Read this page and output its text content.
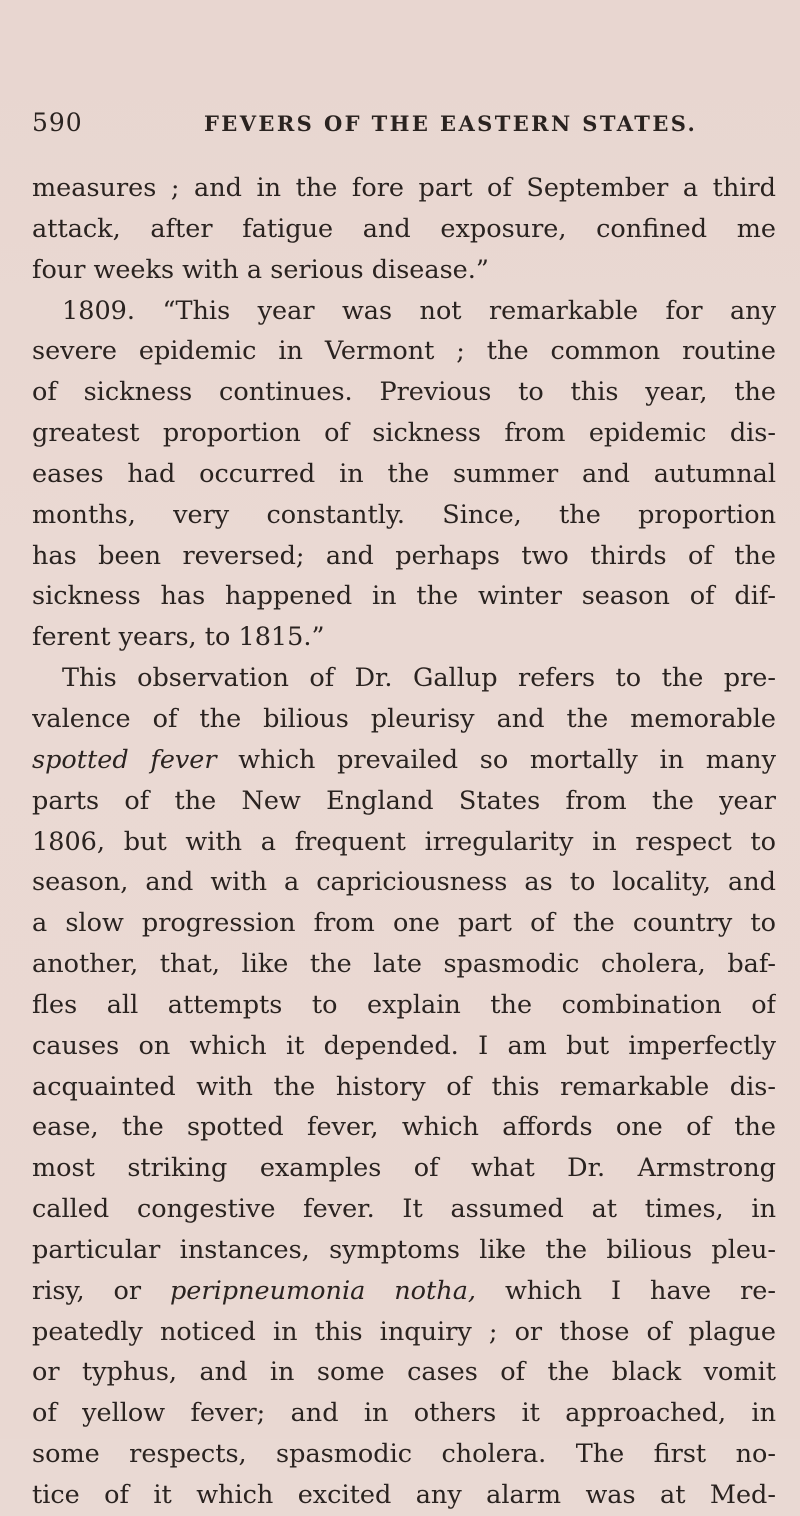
590	FEVERS OF THE EASTERN STATES.
measures ; and in the fore part of September a third
attack, after fatigue and exposure, confined me
four weeks with a serious disease.”
1809. “This year was not remarkable for any
severe epidemic in Vermont ; the common routine
of sickness continues. Previous to this year, the
greatest proportion of sickness from epidemic dis-
eases had occurred in the summer and autumnal
months, very constantly. Since, the proportion
has been reversed; and perhaps two thirds of the
sickness has happened in the winter season of dif-
ferent years, to 1815.”
This observation of Dr. Gallup refers to the pre-
valence of the bilious pleurisy and the memorable
spotted fever which prevailed so mortally in many
parts of the New England States from the year
1806, but with a frequent irregularity in respect to
season, and with a capriciousness as to locality, and
a slow progression from one part of the country to
another, that, like the late spasmodic cholera, baf-
fles all attempts to explain the combination of
causes on which it depended. I am but imperfectly
acquainted with the history of this remarkable dis-
ease, the spotted fever, which affords one of the
most striking examples of what Dr. Armstrong
called congestive fever. It assumed at times, in
particular instances, symptoms like the bilious pleu-
risy, or peripneumonia notha, which I have re-
peatedly noticed in this inquiry ; or those of plague
or typhus, and in some cases of the black vomit
of yellow fever; and in others it approached, in
some respects, spasmodic cholera. The first no-
tice of it which excited any alarm was at Med-
